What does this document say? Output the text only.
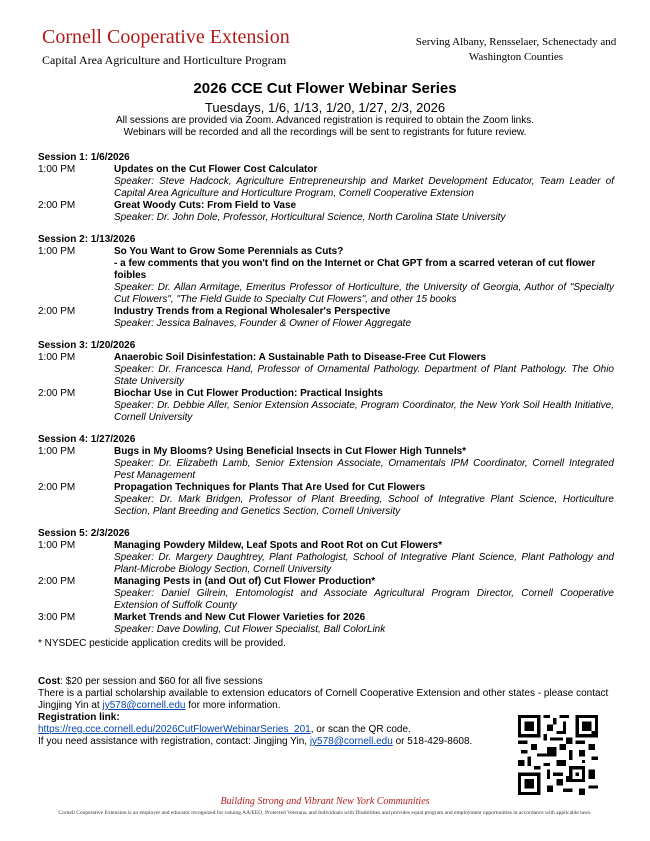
Cornell Cooperative Extension
Capital Area Agriculture and Horticulture Program
Serving Albany, Rensselaer, Schenectady and Washington Counties
2026 CCE Cut Flower Webinar Series
Tuesdays, 1/6, 1/13, 1/20, 1/27, 2/3, 2026
All sessions are provided via Zoom. Advanced registration is required to obtain the Zoom links.
Webinars will be recorded and all the recordings will be sent to registrants for future review.
Session 1: 1/6/2026
1:00 PM	Updates on the Cut Flower Cost Calculator
Speaker: Steve Hadcock, Agriculture Entrepreneurship and Market Development Educator, Team Leader of Capital Area Agriculture and Horticulture Program, Cornell Cooperative Extension
2:00 PM	Great Woody Cuts: From Field to Vase
Speaker: Dr. John Dole, Professor, Horticultural Science, North Carolina State University
Session 2: 1/13/2026
1:00 PM	So You Want to Grow Some Perennials as Cuts?
- a few comments that you won't find on the Internet or Chat GPT from a scarred veteran of cut flower foibles
Speaker: Dr. Allan Armitage, Emeritus Professor of Horticulture, the University of Georgia, Author of "Specialty Cut Flowers", "The Field Guide to Specialty Cut Flowers", and other 15 books
2:00 PM	Industry Trends from a Regional Wholesaler's Perspective
Speaker: Jessica Balnaves, Founder & Owner of Flower Aggregate
Session 3: 1/20/2026
1:00 PM	Anaerobic Soil Disinfestation: A Sustainable Path to Disease-Free Cut Flowers
Speaker: Dr. Francesca Hand, Professor of Ornamental Pathology. Department of Plant Pathology. The Ohio State University
2:00 PM	Biochar Use in Cut Flower Production: Practical Insights
Speaker: Dr. Debbie Aller, Senior Extension Associate, Program Coordinator, the New York Soil Health Initiative, Cornell University
Session 4: 1/27/2026
1:00 PM	Bugs in My Blooms? Using Beneficial Insects in Cut Flower High Tunnels*
Speaker: Dr. Elizabeth Lamb, Senior Extension Associate, Ornamentals IPM Coordinator, Cornell Integrated Pest Management
2:00 PM	Propagation Techniques for Plants That Are Used for Cut Flowers
Speaker: Dr. Mark Bridgen, Professor of Plant Breeding, School of Integrative Plant Science, Horticulture Section, Plant Breeding and Genetics Section, Cornell University
Session 5: 2/3/2026
1:00 PM	Managing Powdery Mildew, Leaf Spots and Root Rot on Cut Flowers*
Speaker: Dr. Margery Daughtrey, Plant Pathologist, School of Integrative Plant Science, Plant Pathology and Plant-Microbe Biology Section, Cornell University
2:00 PM	Managing Pests in (and Out of) Cut Flower Production*
Speaker: Daniel Gilrein, Entomologist and Associate Agricultural Program Director, Cornell Cooperative Extension of Suffolk County
3:00 PM	Market Trends and New Cut Flower Varieties for 2026
Speaker: Dave Dowling, Cut Flower Specialist, Ball ColorLink
* NYSDEC pesticide application credits will be provided.
Cost: $20 per session and $60 for all five sessions
There is a partial scholarship available to extension educators of Cornell Cooperative Extension and other states - please contact Jingjing Yin at jy578@cornell.edu for more information.
Registration link:
https://reg.cce.cornell.edu/2026CutFlowerWebinarSeries_201, or scan the QR code.
If you need assistance with registration, contact: Jingjing Yin, jy578@cornell.edu or 518-429-8608.
Building Strong and Vibrant New York Communities
Cornell Cooperative Extension is an employer and educator recognized for valuing AA/EEO, Protected Veterans, and Individuals with Disabilities and provides equal program and employment opportunities in accordance with applicable laws.
